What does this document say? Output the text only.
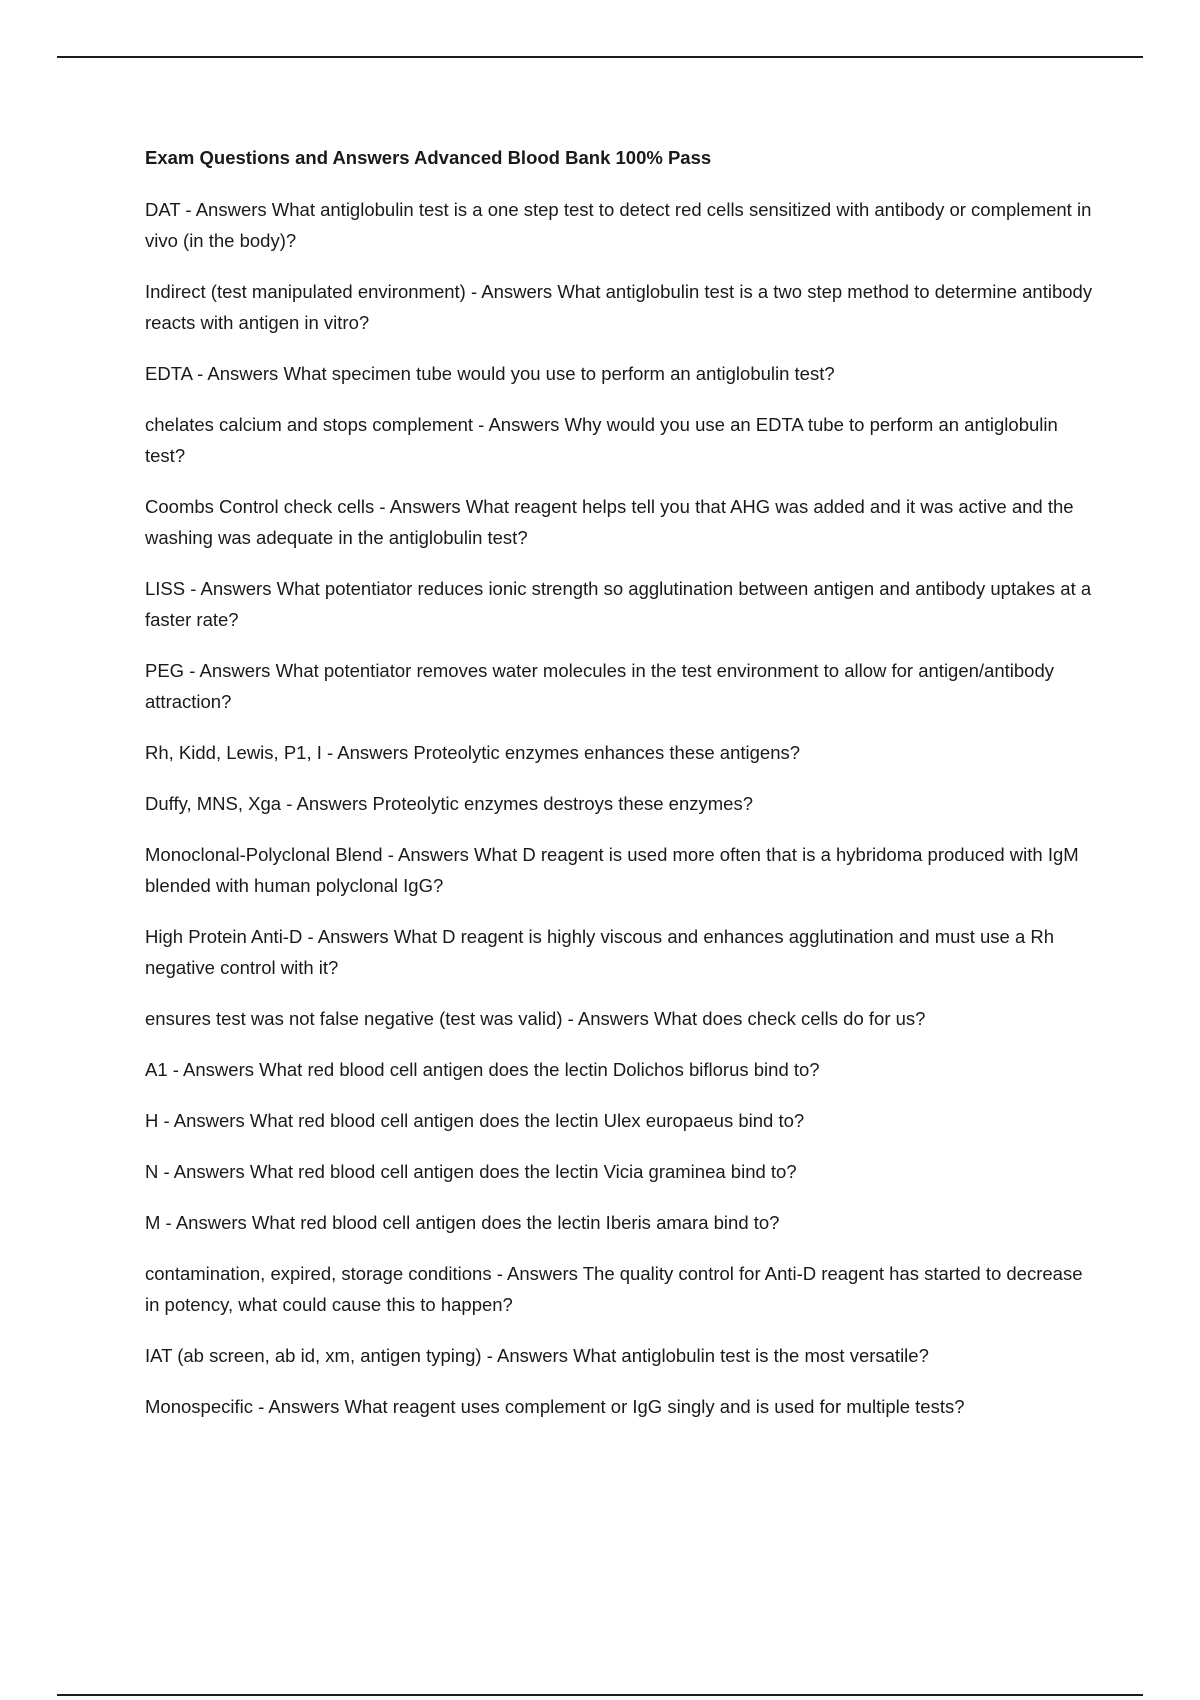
Exam Questions and Answers Advanced Blood Bank 100% Pass
DAT - Answers What antiglobulin test is a one step test to detect red cells sensitized with antibody or complement in vivo (in the body)?
Indirect (test manipulated environment) - Answers What antiglobulin test is a two step method to determine antibody reacts with antigen in vitro?
EDTA - Answers What specimen tube would you use to perform an antiglobulin test?
chelates calcium and stops complement - Answers Why would you use an EDTA tube to perform an antiglobulin test?
Coombs Control check cells - Answers What reagent helps tell you that AHG was added and it was active and the washing was adequate in the antiglobulin test?
LISS - Answers What potentiator reduces ionic strength so agglutination between antigen and antibody uptakes at a faster rate?
PEG - Answers What potentiator removes water molecules in the test environment to allow for antigen/antibody attraction?
Rh, Kidd, Lewis, P1, I - Answers Proteolytic enzymes enhances these antigens?
Duffy, MNS, Xga - Answers Proteolytic enzymes destroys these enzymes?
Monoclonal-Polyclonal Blend - Answers What D reagent is used more often that is a hybridoma produced with IgM blended with human polyclonal IgG?
High Protein Anti-D - Answers What D reagent is highly viscous and enhances agglutination and must use a Rh negative control with it?
ensures test was not false negative (test was valid) - Answers What does check cells do for us?
A1 - Answers What red blood cell antigen does the lectin Dolichos biflorus bind to?
H - Answers What red blood cell antigen does the lectin Ulex europaeus bind to?
N - Answers What red blood cell antigen does the lectin Vicia graminea bind to?
M - Answers What red blood cell antigen does the lectin Iberis amara bind to?
contamination, expired, storage conditions - Answers The quality control for Anti-D reagent has started to decrease in potency, what could cause this to happen?
IAT (ab screen, ab id, xm, antigen typing) - Answers What antiglobulin test is the most versatile?
Monospecific - Answers What reagent uses complement or IgG singly and is used for multiple tests?
